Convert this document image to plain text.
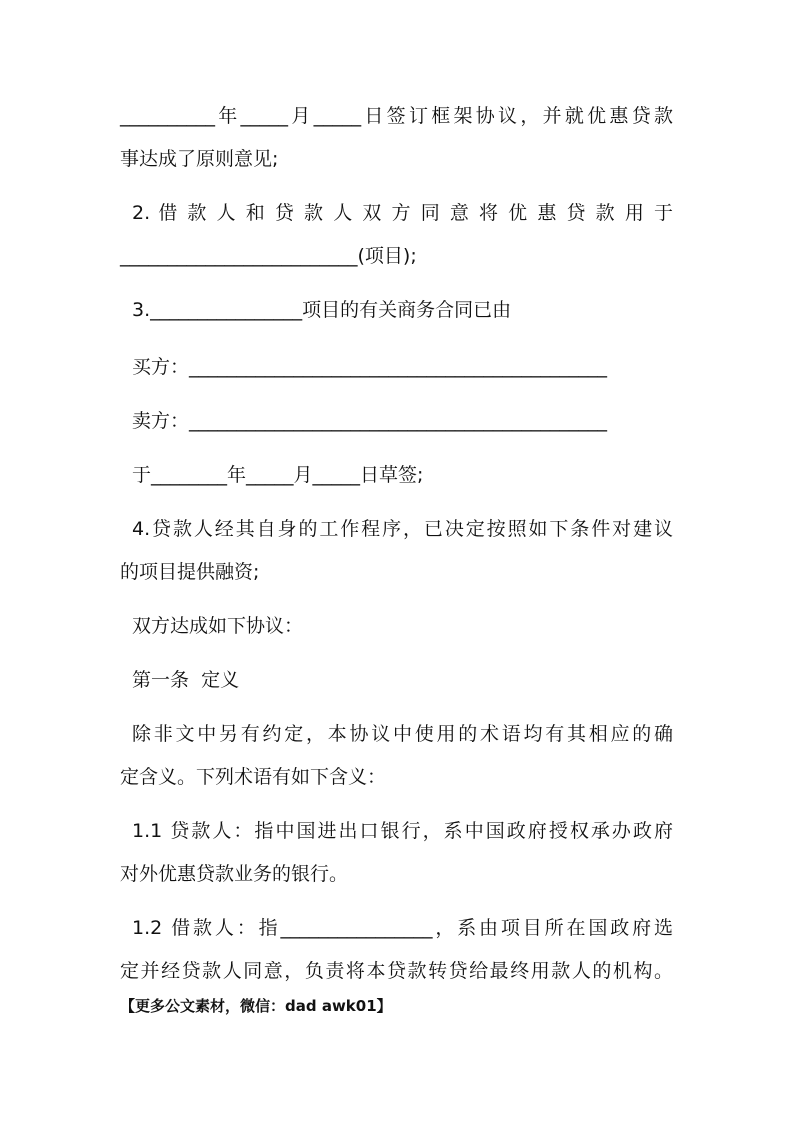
__________年_____月_____日签订框架协议，并就优惠贷款

事达成了原则意见;

2. 借 款 人 和 贷 款 人 双 方 同 意 将 优 惠 贷 款 用 于

_________________________(项目);

3.________________项目的有关商务合同已由

买方：____________________________________________

卖方：____________________________________________

于________年_____月_____日草签;

4.贷款人经其自身的工作程序，已决定按照如下条件对建议

的项目提供融资;

双方达成如下协议：

第一条  定义

除非文中另有约定，本协议中使用的术语均有其相应的确

定含义。下列术语有如下含义：

1.1 贷款人：指中国进出口银行，系中国政府授权承办政府

对外优惠贷款业务的银行。

1.2 借款人：指________________，系由项目所在国政府选

定并经贷款人同意，负责将本贷款转贷给最终用款人的机构。

【更多公文素材，微信：dad awk01】
